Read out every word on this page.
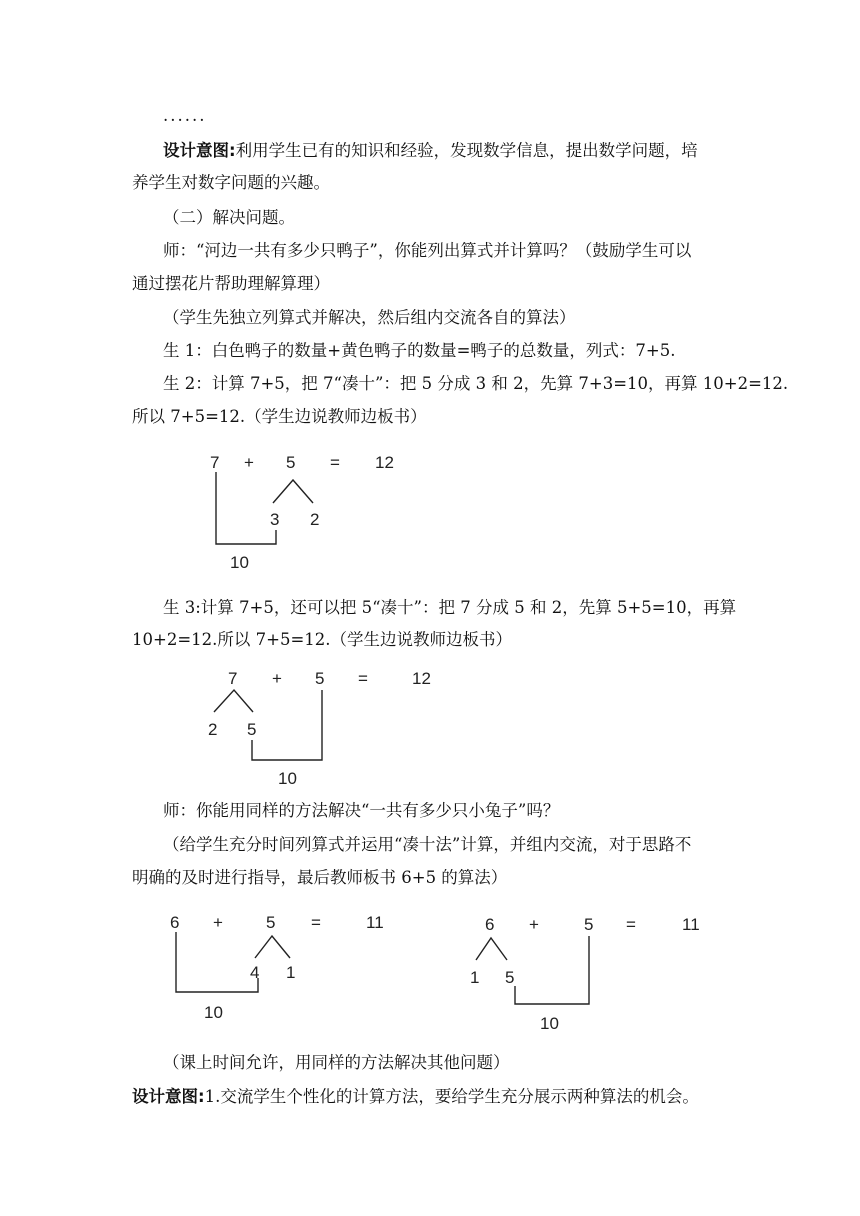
......
设计意图:利用学生已有的知识和经验，发现数学信息，提出数学问题，培
养学生对数字问题的兴趣。
（二）解决问题。
师：“河边一共有多少只鸭子”，你能列出算式并计算吗？（鼓励学生可以
通过摆花片帮助理解算理）
（学生先独立列算式并解决，然后组内交流各自的算法）
生 1：白色鸭子的数量+黄色鸭子的数量=鸭子的总数量，列式：7+5.
生 2：计算 7+5，把 7“凑十”：把 5 分成 3 和 2，先算 7+3=10，再算 10+2=12.
所以 7+5=12.（学生边说教师边板书）
7 + 5 = 12
3 2
10
生 3:计算 7+5，还可以把 5“凑十”：把 7 分成 5 和 2，先算 5+5=10，再算
10+2=12.所以 7+5=12.（学生边说教师边板书）
7 + 5 =	12
2 5
10
师：你能用同样的方法解决“一共有多少只小兔子”吗？
（给学生充分时间列算式并运用“凑十法”计算，并组内交流，对于思路不
明确的及时进行指导，最后教师板书 6+5 的算法）
6 +	5 =	11
4 1
10
6 +	5 =	11
1 5
10
（课上时间允许，用同样的方法解决其他问题）
设计意图:1.交流学生个性化的计算方法，要给学生充分展示两种算法的机会。
